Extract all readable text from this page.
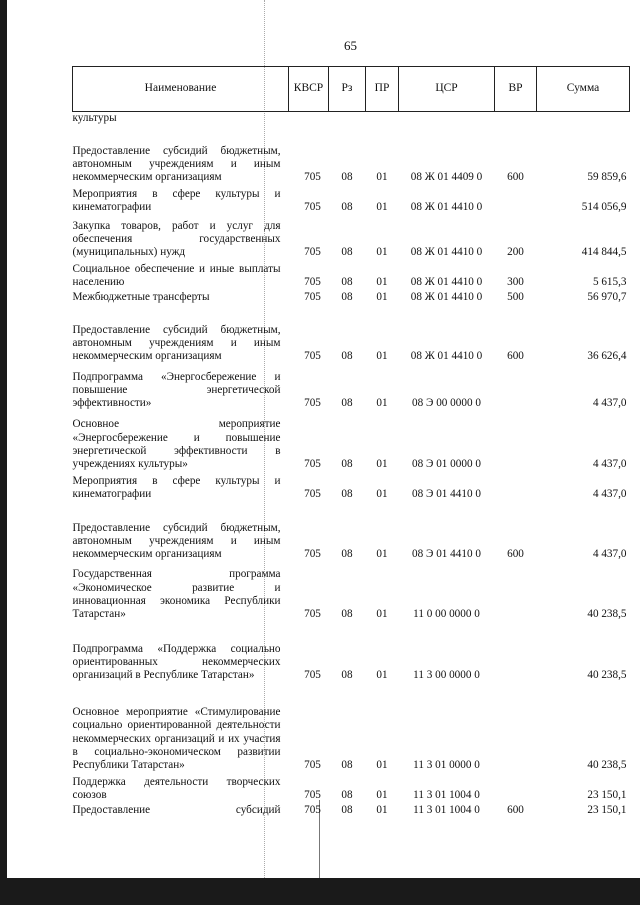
65
Наименование	КВСР	Рз	ПР	ЦСР	ВР	Сумма
культуры						
Предоставление субсидий бюджетным, автономным учреждениям и иным некоммерческим организациям	705	08	01	08 Ж 01 4409 0	600	59 859,6
Мероприятия в сфере культуры и кинематографии	705	08	01	08 Ж 01 4410 0		514 056,9
Закупка товаров, работ и услуг для обеспечения государственных (муниципальных) нужд	705	08	01	08 Ж 01 4410 0	200	414 844,5
Социальное обеспечение и иные выплаты населению	705	08	01	08 Ж 01 4410 0	300	5 615,3
Межбюджетные трансферты	705	08	01	08 Ж 01 4410 0	500	56 970,7
Предоставление субсидий бюджетным, автономным учреждениям и иным некоммерческим организациям	705	08	01	08 Ж 01 4410 0	600	36 626,4
Подпрограмма «Энергосбережение и повышение энергетической эффективности»	705	08	01	08 Э 00 0000 0		4 437,0
Основное мероприятие «Энергосбережение и повышение энергетической эффективности в учреждениях культуры»	705	08	01	08 Э 01 0000 0		4 437,0
Мероприятия в сфере культуры и кинематографии	705	08	01	08 Э 01 4410 0		4 437,0
Предоставление субсидий бюджетным, автономным учреждениям и иным некоммерческим организациям	705	08	01	08 Э 01 4410 0	600	4 437,0
Государственная программа «Экономическое развитие и инновационная экономика Республики Татарстан»	705	08	01	11 0 00 0000 0		40 238,5
Подпрограмма «Поддержка социально ориентированных некоммерческих организаций в Республике Татарстан»	705	08	01	11 3 00 0000 0		40 238,5
Основное мероприятие «Стимулирование социально ориентированной деятельности некоммерческих организаций и их участия в социально-экономическом развитии Республики Татарстан»	705	08	01	11 3 01 0000 0		40 238,5
Поддержка деятельности творческих союзов	705	08	01	11 3 01 1004 0		23 150,1
Предоставление субсидий	705	08	01	11 3 01 1004 0	600	23 150,1
